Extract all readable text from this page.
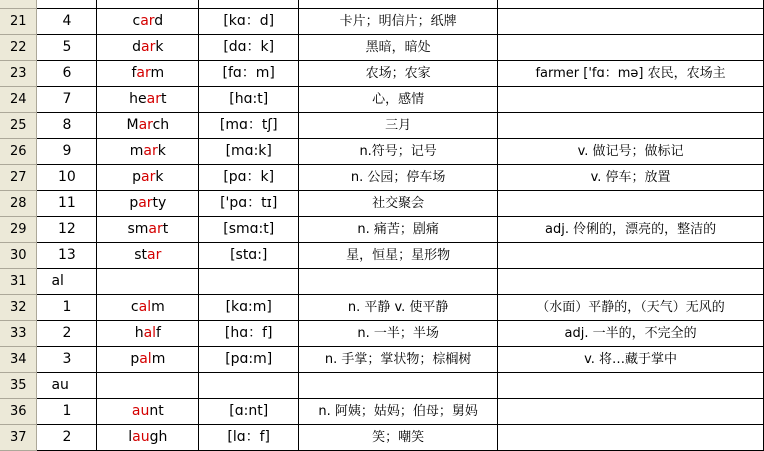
21	4	card	[kɑ：d]	卡片；明信片；纸牌	
22	5	dark	[dɑ：k]	黑暗，暗处	
23	6	farm	[fɑ：m]	农场；农家	farmer ['fɑ：mə] 农民，农场主
24	7	heart	[hɑ:t]	心，感情	
25	8	March	[mɑ：tʃ]	三月	
26	9	mark	[mɑ:k]	n.符号；记号	v. 做记号；做标记
27	10	park	[pɑ：k]	n. 公园；停车场	v. 停车；放置
28	11	party	['pɑ：tɪ]	社交聚会	
29	12	smart	[smɑ:t]	n. 痛苦；剧痛	adj. 伶俐的，漂亮的，整洁的
30	13	star	[stɑ:]	星，恒星；星形物	
31	al				
32	1	calm	[kɑ:m]	n. 平静 v. 使平静	（水面）平静的，（天气）无风的
33	2	half	[hɑ：f]	n. 一半；半场	adj. 一半的，不完全的
34	3	palm	[pɑ:m]	n. 手掌；掌状物；棕榈树	v. 将…藏于掌中
35	au				
36	1	aunt	[ɑ:nt]	n. 阿姨；姑妈；伯母；舅妈	
37	2	laugh	[lɑ：f]	笑；嘲笑	
